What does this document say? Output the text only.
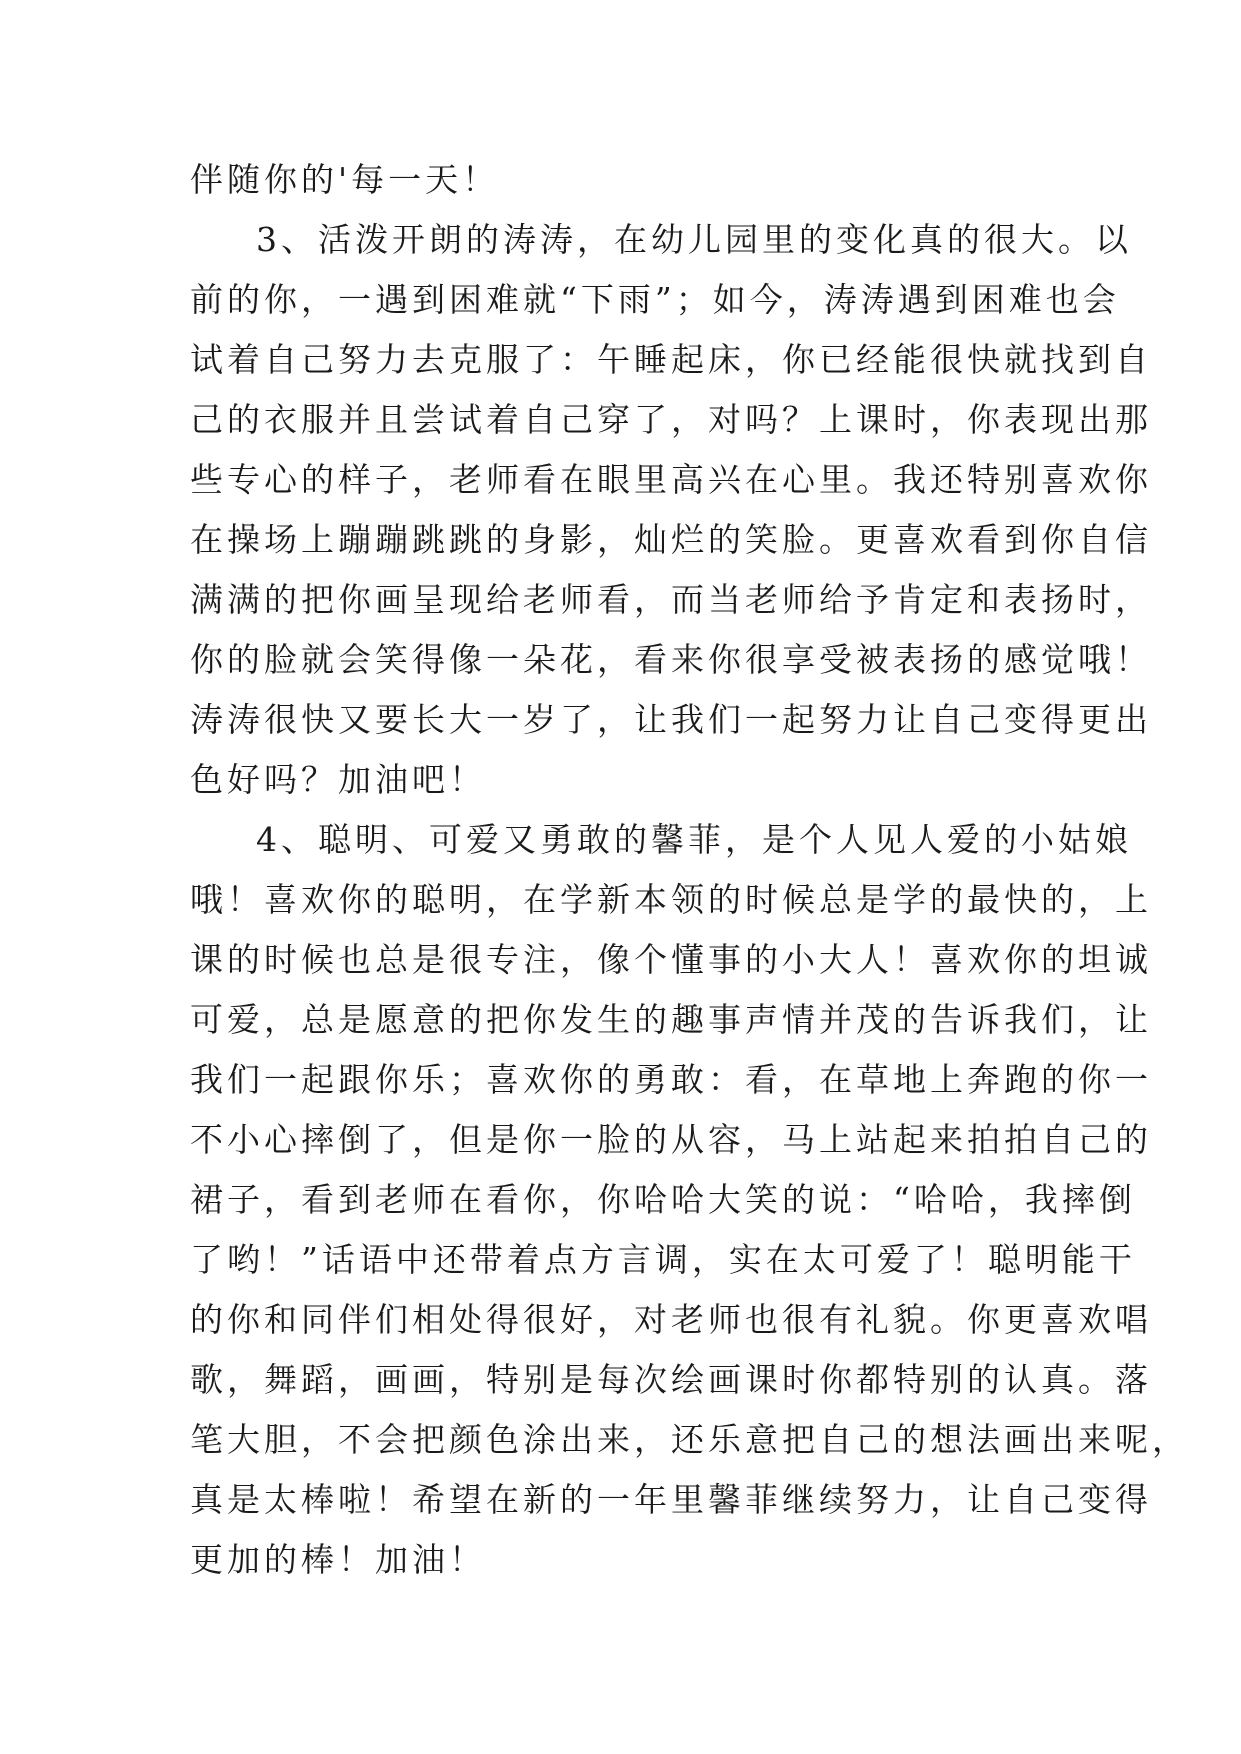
伴随你的'每一天！
3、活泼开朗的涛涛，在幼儿园里的变化真的很大。以
前的你，一遇到困难就“下雨”；如今，涛涛遇到困难也会
试着自己努力去克服了：午睡起床，你已经能很快就找到自
己的衣服并且尝试着自己穿了，对吗？上课时，你表现出那
些专心的样子，老师看在眼里高兴在心里。我还特别喜欢你
在操场上蹦蹦跳跳的身影，灿烂的笑脸。更喜欢看到你自信
满满的把你画呈现给老师看，而当老师给予肯定和表扬时，
你的脸就会笑得像一朵花，看来你很享受被表扬的感觉哦！
涛涛很快又要长大一岁了，让我们一起努力让自己变得更出
色好吗？加油吧！
4、聪明、可爱又勇敢的馨菲，是个人见人爱的小姑娘
哦！喜欢你的聪明，在学新本领的时候总是学的最快的，上
课的时候也总是很专注，像个懂事的小大人！喜欢你的坦诚
可爱，总是愿意的把你发生的趣事声情并茂的告诉我们，让
我们一起跟你乐；喜欢你的勇敢：看，在草地上奔跑的你一
不小心摔倒了，但是你一脸的从容，马上站起来拍拍自己的
裙子，看到老师在看你，你哈哈大笑的说：“哈哈，我摔倒
了哟！”话语中还带着点方言调，实在太可爱了！聪明能干
的你和同伴们相处得很好，对老师也很有礼貌。你更喜欢唱
歌，舞蹈，画画，特别是每次绘画课时你都特别的认真。落
笔大胆，不会把颜色涂出来，还乐意把自己的想法画出来呢，
真是太棒啦！希望在新的一年里馨菲继续努力，让自己变得
更加的棒！加油！
